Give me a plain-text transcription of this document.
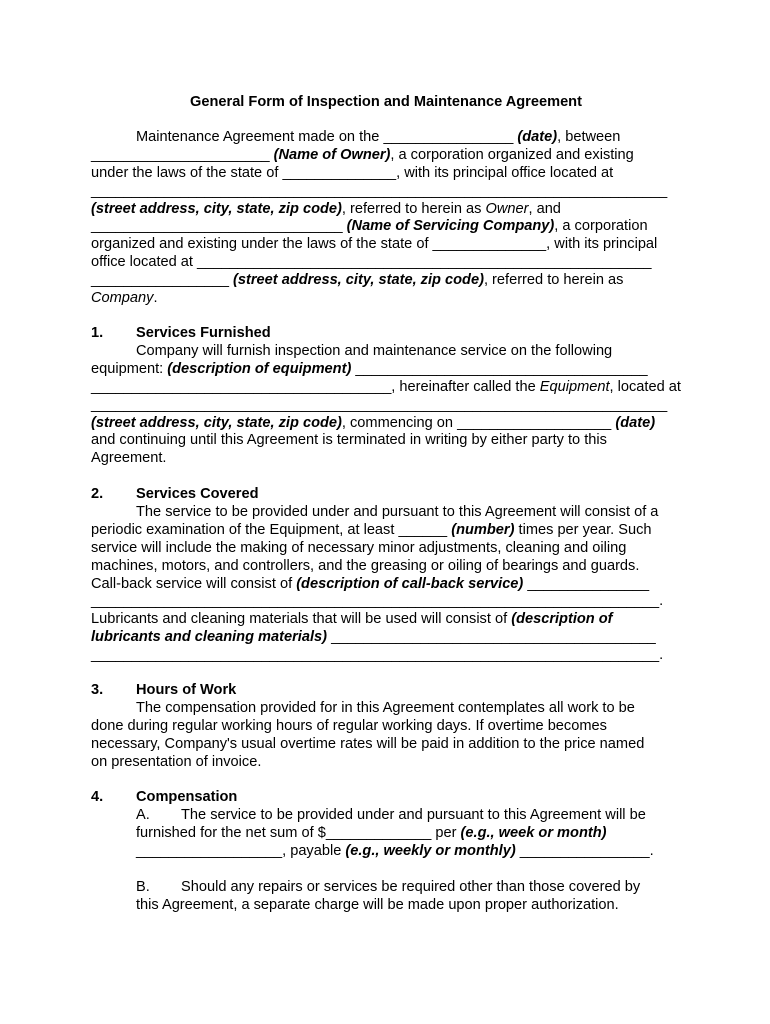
General Form of Inspection and Maintenance Agreement
Maintenance Agreement made on the ________________ (date), between
______________________ (Name of Owner), a corporation organized and existing
under the laws of the state of ______________, with its principal office located at
_______________________________________________________________________
(street address, city, state, zip code), referred to herein as Owner, and
_______________________________ (Name of Servicing Company), a corporation
organized and existing under the laws of the state of ______________, with its principal
office located at ________________________________________________________
_________________ (street address, city, state, zip code), referred to herein as
Company.
1. Services Furnished
Company will furnish inspection and maintenance service on the following
equipment: (description of equipment) ____________________________________
_____________________________________, hereinafter called the Equipment, located at
_______________________________________________________________________
(street address, city, state, zip code), commencing on ___________________ (date)
and continuing until this Agreement is terminated in writing by either party to this
Agreement.
2. Services Covered
The service to be provided under and pursuant to this Agreement will consist of a
periodic examination of the Equipment, at least ______ (number) times per year. Such
service will include the making of necessary minor adjustments, cleaning and oiling
machines, motors, and controllers, and the greasing or oiling of bearings and guards.
Call-back service will consist of (description of call-back service) _______________
______________________________________________________________________.
Lubricants and cleaning materials that will be used will consist of (description of
lubricants and cleaning materials) ________________________________________
______________________________________________________________________.
3. Hours of Work
The compensation provided for in this Agreement contemplates all work to be
done during regular working hours of regular working days. If overtime becomes
necessary, Company's usual overtime rates will be paid in addition to the price named
on presentation of invoice.
4. Compensation
A. The service to be provided under and pursuant to this Agreement will be
furnished for the net sum of $_____________ per (e.g., week or month)
__________________, payable (e.g., weekly or monthly) ________________.
B. Should any repairs or services be required other than those covered by
this Agreement, a separate charge will be made upon proper authorization.
